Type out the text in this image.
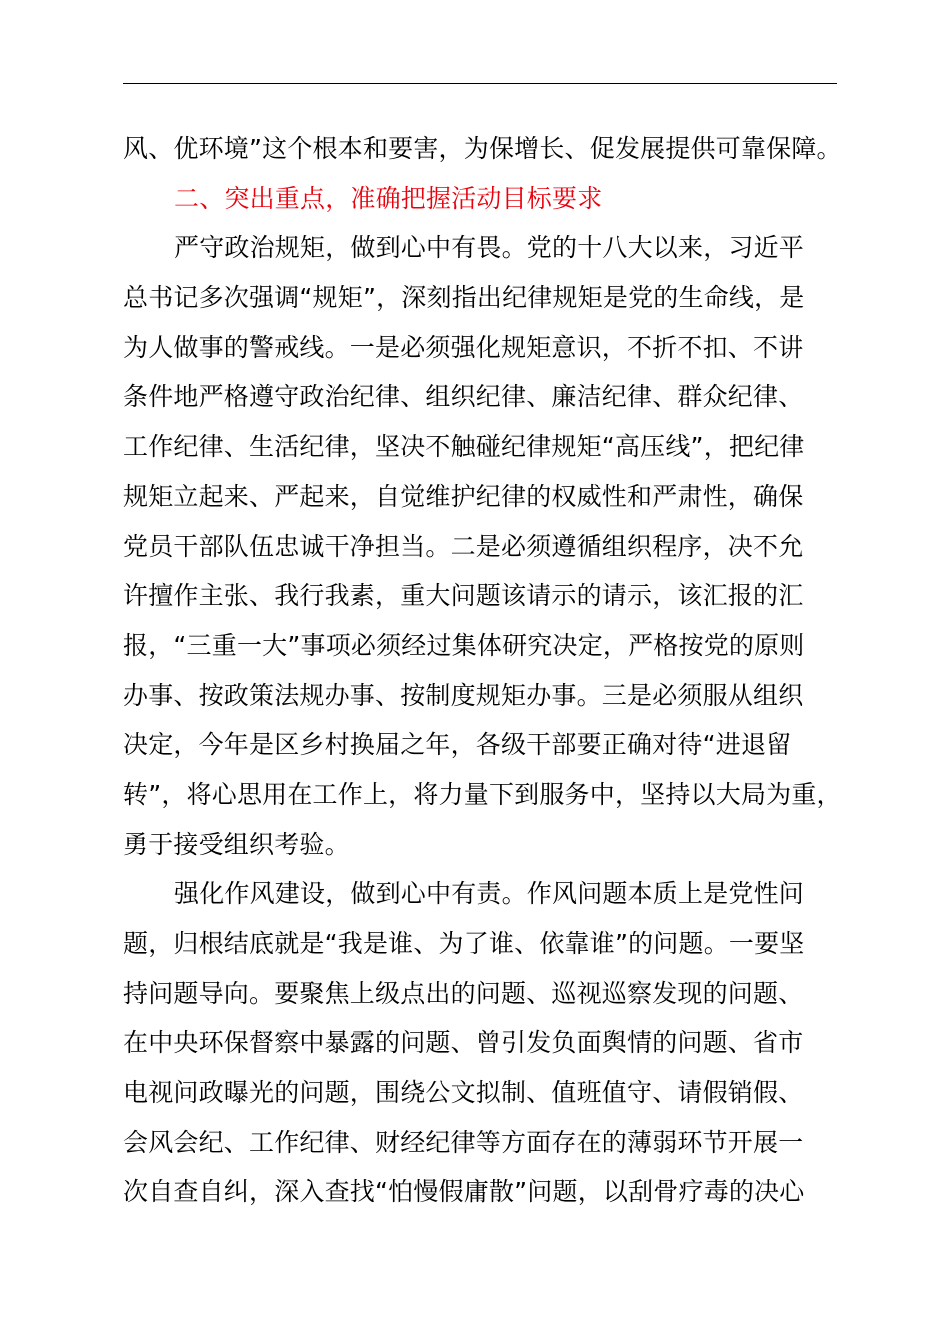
风、优环境”这个根本和要害，为保增长、促发展提供可靠保障。
二、突出重点，准确把握活动目标要求
严守政治规矩，做到心中有畏。党的十八大以来，习近平
总书记多次强调“规矩”，深刻指出纪律规矩是党的生命线，是
为人做事的警戒线。一是必须强化规矩意识，不折不扣、不讲
条件地严格遵守政治纪律、组织纪律、廉洁纪律、群众纪律、
工作纪律、生活纪律，坚决不触碰纪律规矩“高压线”，把纪律
规矩立起来、严起来，自觉维护纪律的权威性和严肃性，确保
党员干部队伍忠诚干净担当。二是必须遵循组织程序，决不允
许擅作主张、我行我素，重大问题该请示的请示，该汇报的汇
报，“三重一大”事项必须经过集体研究决定，严格按党的原则
办事、按政策法规办事、按制度规矩办事。三是必须服从组织
决定，今年是区乡村换届之年，各级干部要正确对待“进退留
转”，将心思用在工作上，将力量下到服务中，坚持以大局为重，
勇于接受组织考验。
强化作风建设，做到心中有责。作风问题本质上是党性问
题，归根结底就是“我是谁、为了谁、依靠谁”的问题。一要坚
持问题导向。要聚焦上级点出的问题、巡视巡察发现的问题、
在中央环保督察中暴露的问题、曾引发负面舆情的问题、省市
电视问政曝光的问题，围绕公文拟制、值班值守、请假销假、
会风会纪、工作纪律、财经纪律等方面存在的薄弱环节开展一
次自查自纠，深入查找“怕慢假庸散”问题，以刮骨疗毒的决心
